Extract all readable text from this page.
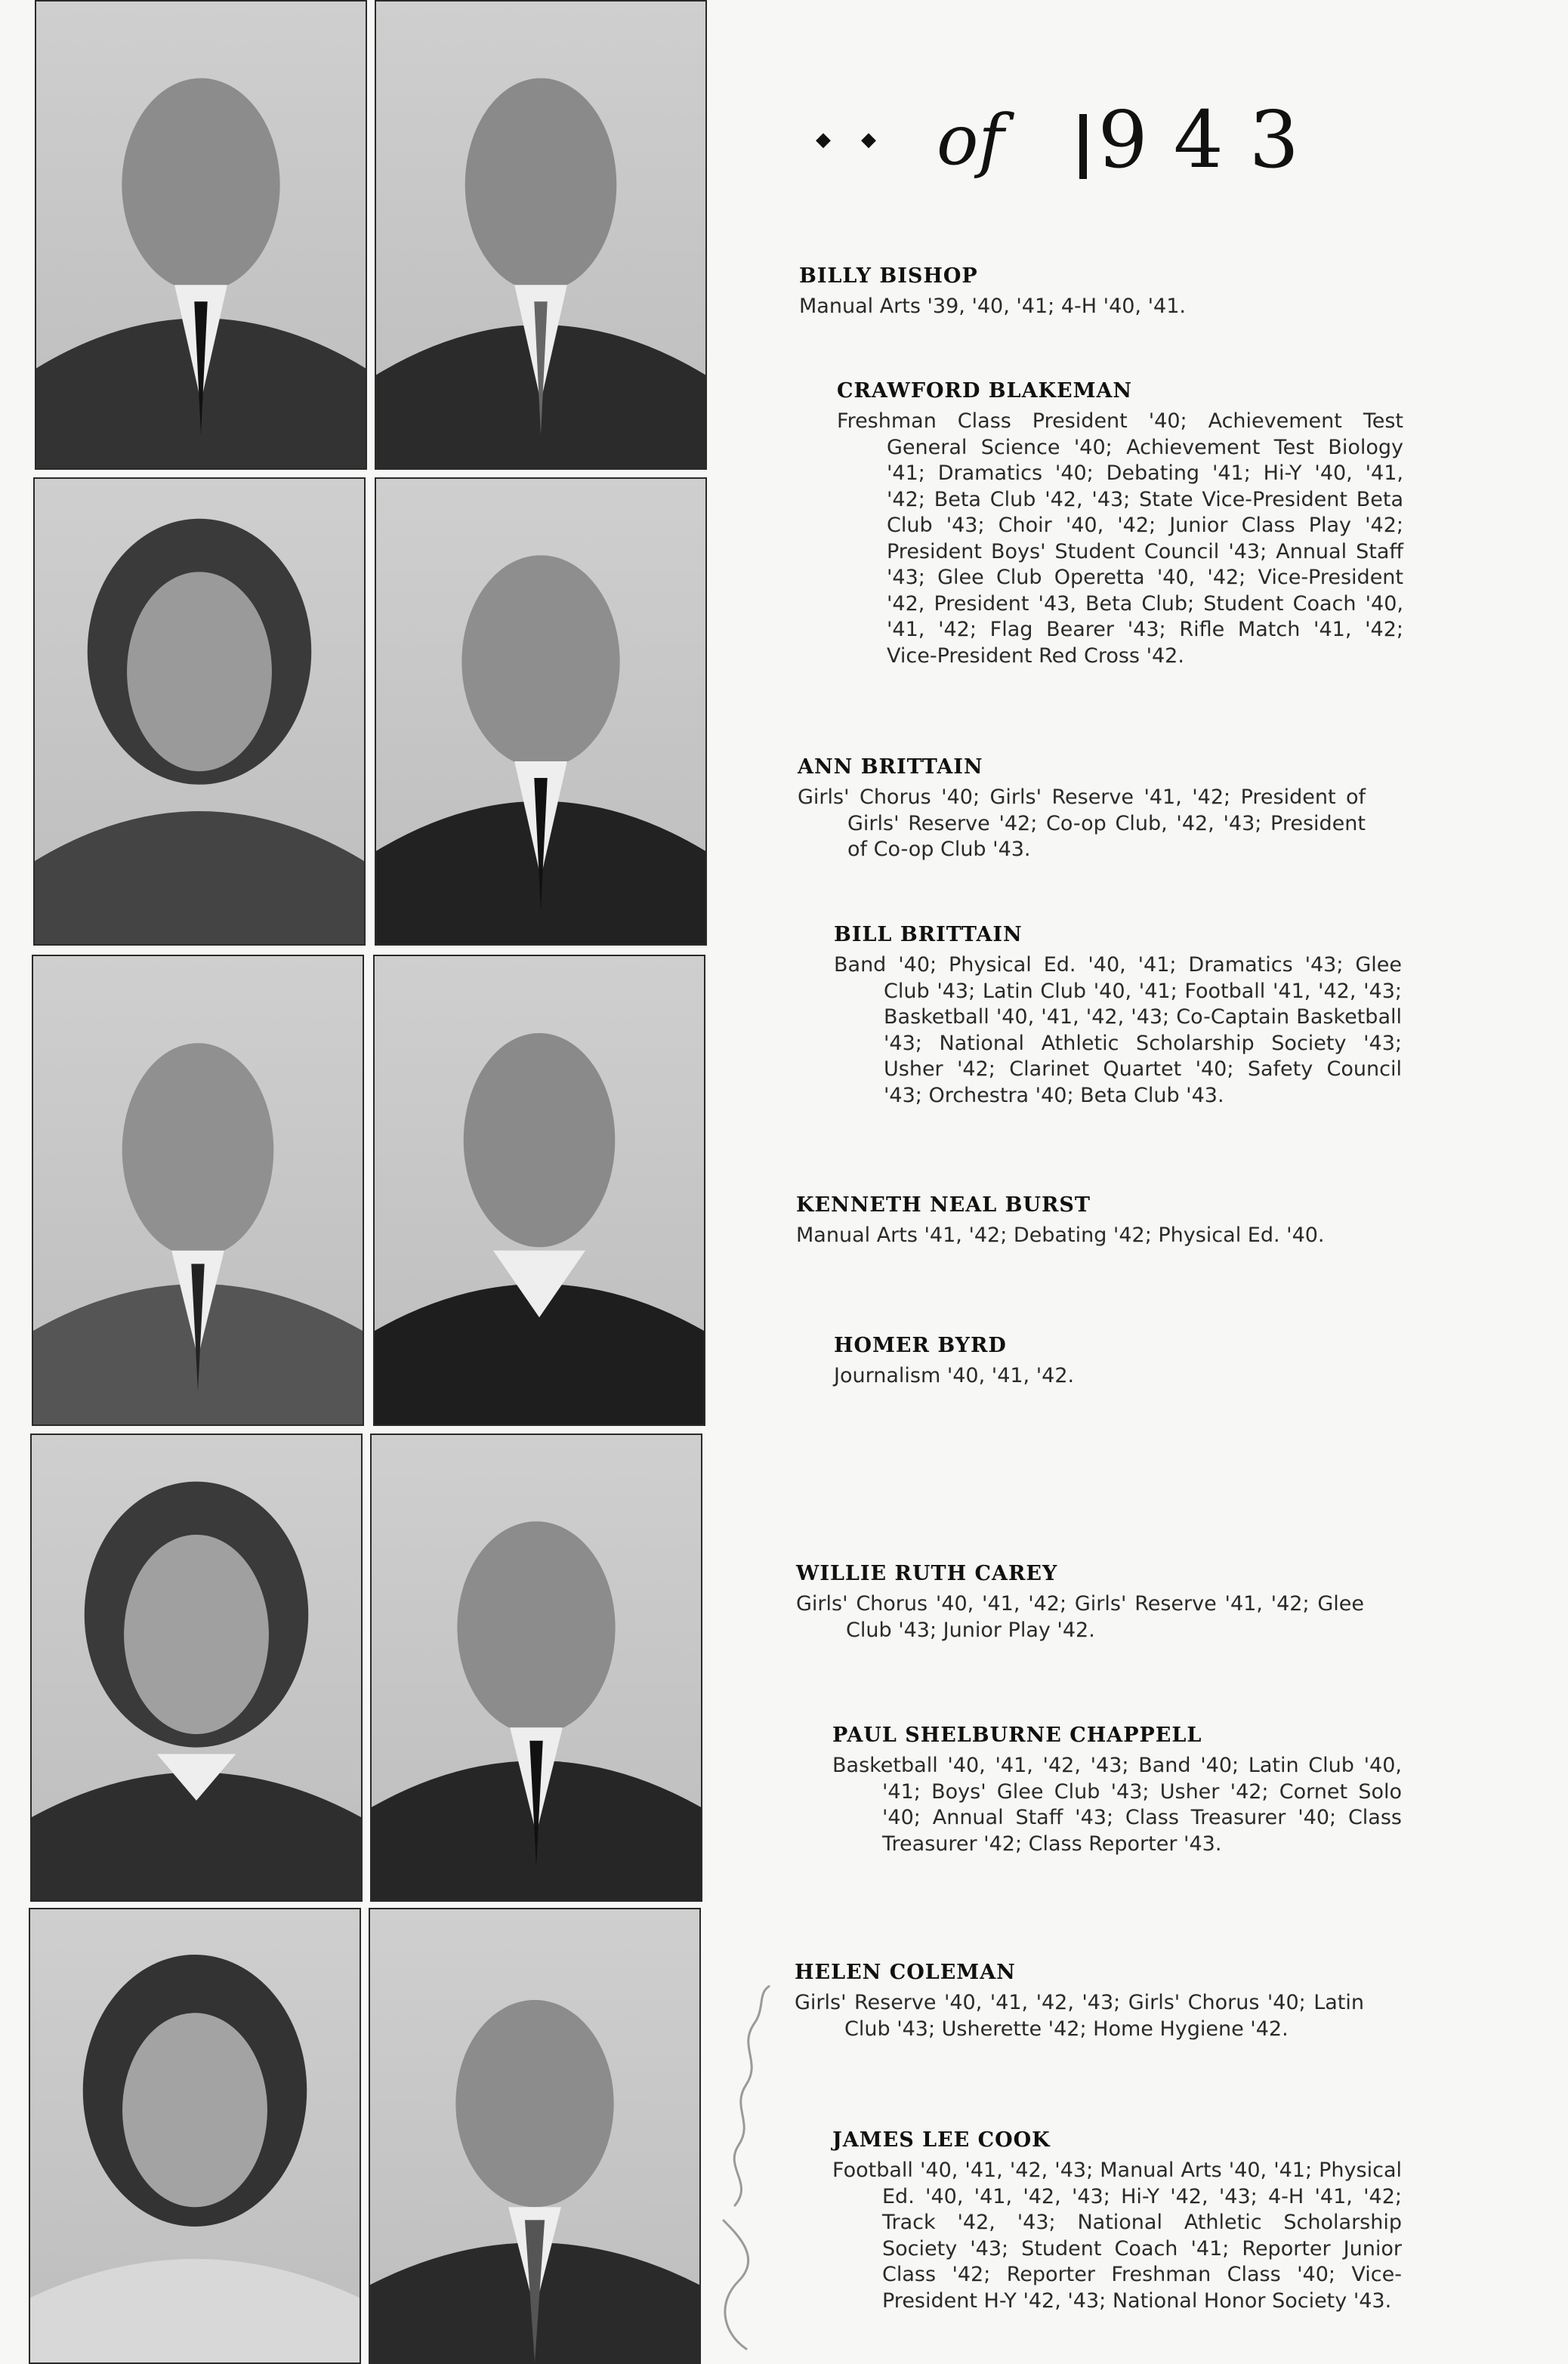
◆ ◆ of 943
BILLY BISHOP
Manual Arts '39, '40, '41; 4-H '40, '41.
CRAWFORD BLAKEMAN
Freshman Class President '40; Achievement Test General Science '40; Achievement Test Biology '41; Dramatics '40; Debating '41; Hi-Y '40, '41, '42; Beta Club '42, '43; State Vice-President Beta Club '43; Choir '40, '42; Junior Class Play '42; President Boys' Student Council '43; Annual Staff '43; Glee Club Operetta '40, '42; Vice-President '42, President '43, Beta Club; Student Coach '40, '41, '42; Flag Bearer '43; Rifle Match '41, '42; Vice-President Red Cross '42.
ANN BRITTAIN
Girls' Chorus '40; Girls' Reserve '41, '42; President of Girls' Reserve '42; Co-op Club, '42, '43; President of Co-op Club '43.
BILL BRITTAIN
Band '40; Physical Ed. '40, '41; Dramatics '43; Glee Club '43; Latin Club '40, '41; Football '41, '42, '43; Basketball '40, '41, '42, '43; Co-Captain Basketball '43; National Athletic Scholarship Society '43; Usher '42; Clarinet Quartet '40; Safety Council '43; Orchestra '40; Beta Club '43.
KENNETH NEAL BURST
Manual Arts '41, '42; Debating '42; Physical Ed. '40.
HOMER BYRD
Journalism '40, '41, '42.
WILLIE RUTH CAREY
Girls' Chorus '40, '41, '42; Girls' Reserve '41, '42; Glee Club '43; Junior Play '42.
PAUL SHELBURNE CHAPPELL
Basketball '40, '41, '42, '43; Band '40; Latin Club '40, '41; Boys' Glee Club '43; Usher '42; Cornet Solo '40; Annual Staff '43; Class Treasurer '40; Class Treasurer '42; Class Reporter '43.
HELEN COLEMAN
Girls' Reserve '40, '41, '42, '43; Girls' Chorus '40; Latin Club '43; Usherette '42; Home Hygiene '42.
JAMES LEE COOK
Football '40, '41, '42, '43; Manual Arts '40, '41; Physical Ed. '40, '41, '42, '43; Hi-Y '42, '43; 4-H '41, '42; Track '42, '43; National Athletic Scholarship Society '43; Student Coach '41; Reporter Junior Class '42; Reporter Freshman Class '40; Vice-President H-Y '42, '43; National Honor Society '43.
